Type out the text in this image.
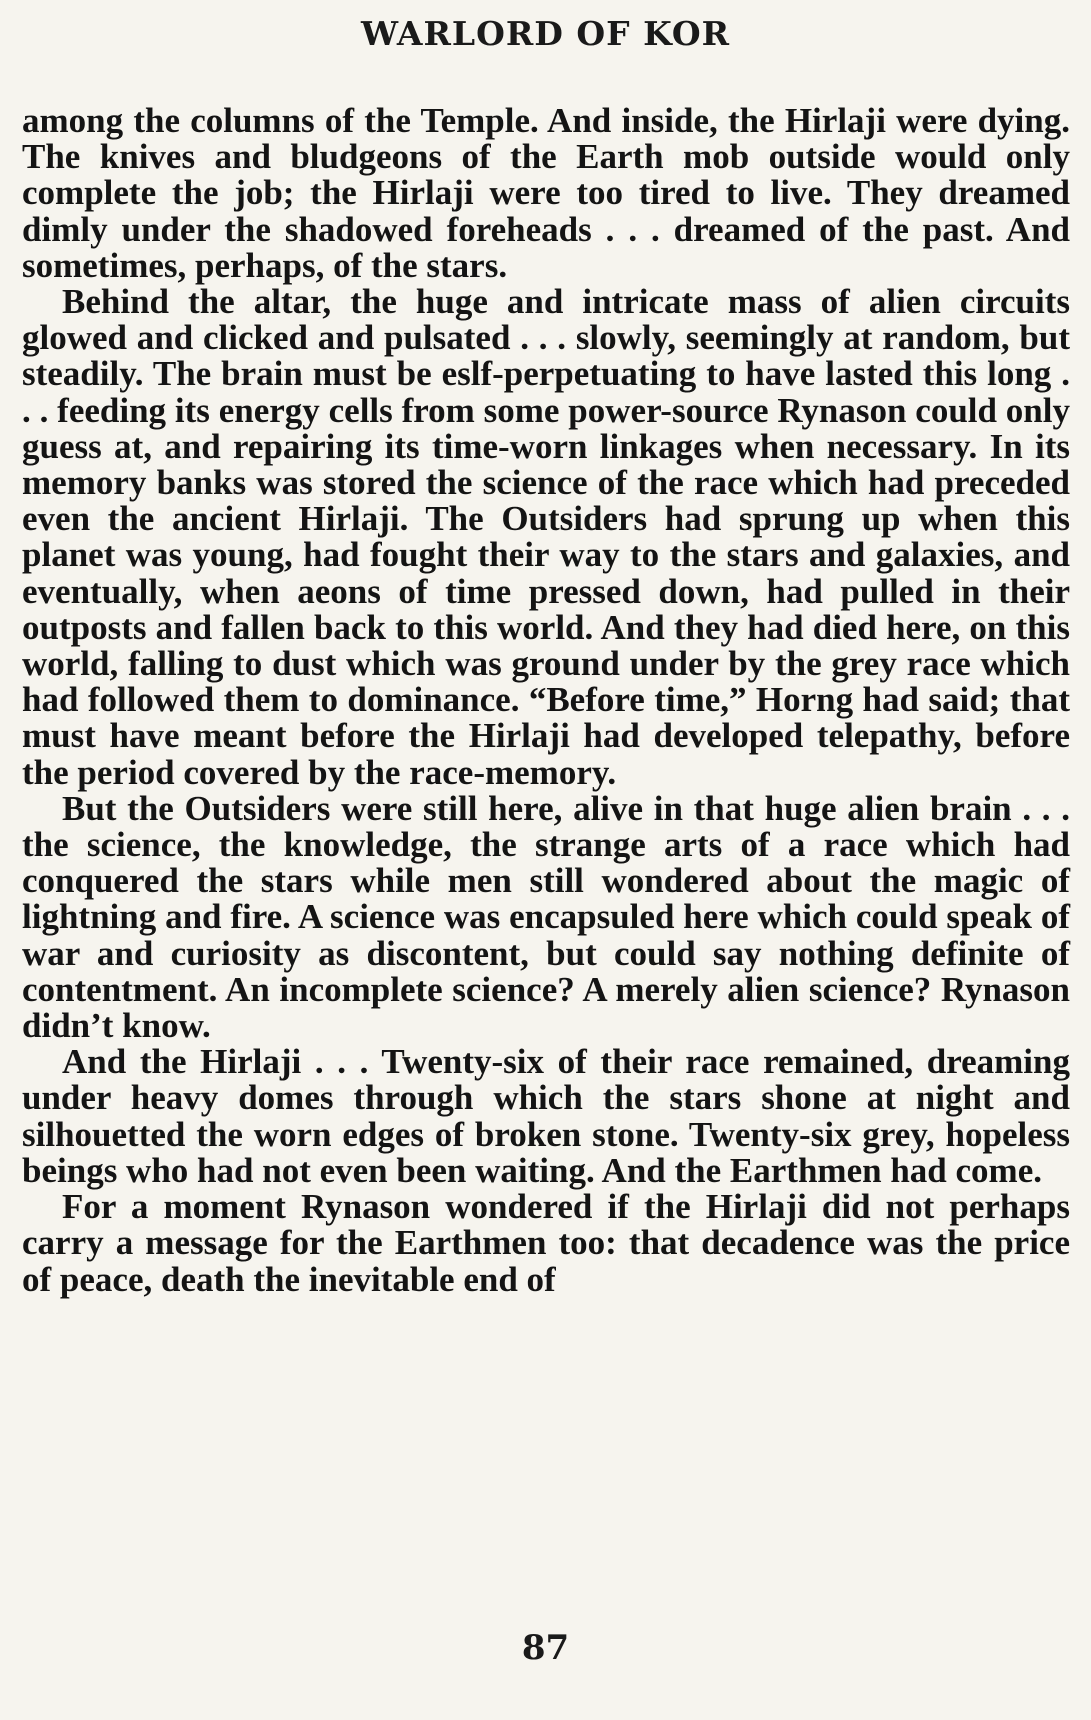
WARLORD OF KOR

among the columns of the Temple. And inside, the Hirlaji were dying. The knives and bludgeons of the Earth mob outside would only complete the job; the Hirlaji were too tired to live. They dreamed dimly under the shadowed foreheads . . . dreamed of the past. And sometimes, perhaps, of the stars.

Behind the altar, the huge and intricate mass of alien circuits glowed and clicked and pulsated . . . slowly, seemingly at random, but steadily. The brain must be eslf-perpetuating to have lasted this long . . . feeding its energy cells from some power-source Rynason could only guess at, and repairing its time-worn linkages when necessary. In its memory banks was stored the science of the race which had preceded even the ancient Hirlaji. The Outsiders had sprung up when this planet was young, had fought their way to the stars and galaxies, and eventually, when aeons of time pressed down, had pulled in their outposts and fallen back to this world. And they had died here, on this world, falling to dust which was ground under by the grey race which had followed them to dominance. “Before time,” Horng had said; that must have meant before the Hirlaji had developed telepathy, before the period covered by the race-memory.

But the Outsiders were still here, alive in that huge alien brain . . . the science, the knowledge, the strange arts of a race which had conquered the stars while men still wondered about the magic of lightning and fire. A science was encapsuled here which could speak of war and curiosity as discontent, but could say nothing definite of contentment. An incomplete science? A merely alien science? Rynason didn’t know.

And the Hirlaji . . . Twenty-six of their race remained, dreaming under heavy domes through which the stars shone at night and silhouetted the worn edges of broken stone. Twenty-six grey, hopeless beings who had not even been waiting. And the Earthmen had come.

For a moment Rynason wondered if the Hirlaji did not perhaps carry a message for the Earthmen too: that decadence was the price of peace, death the inevitable end of

87
